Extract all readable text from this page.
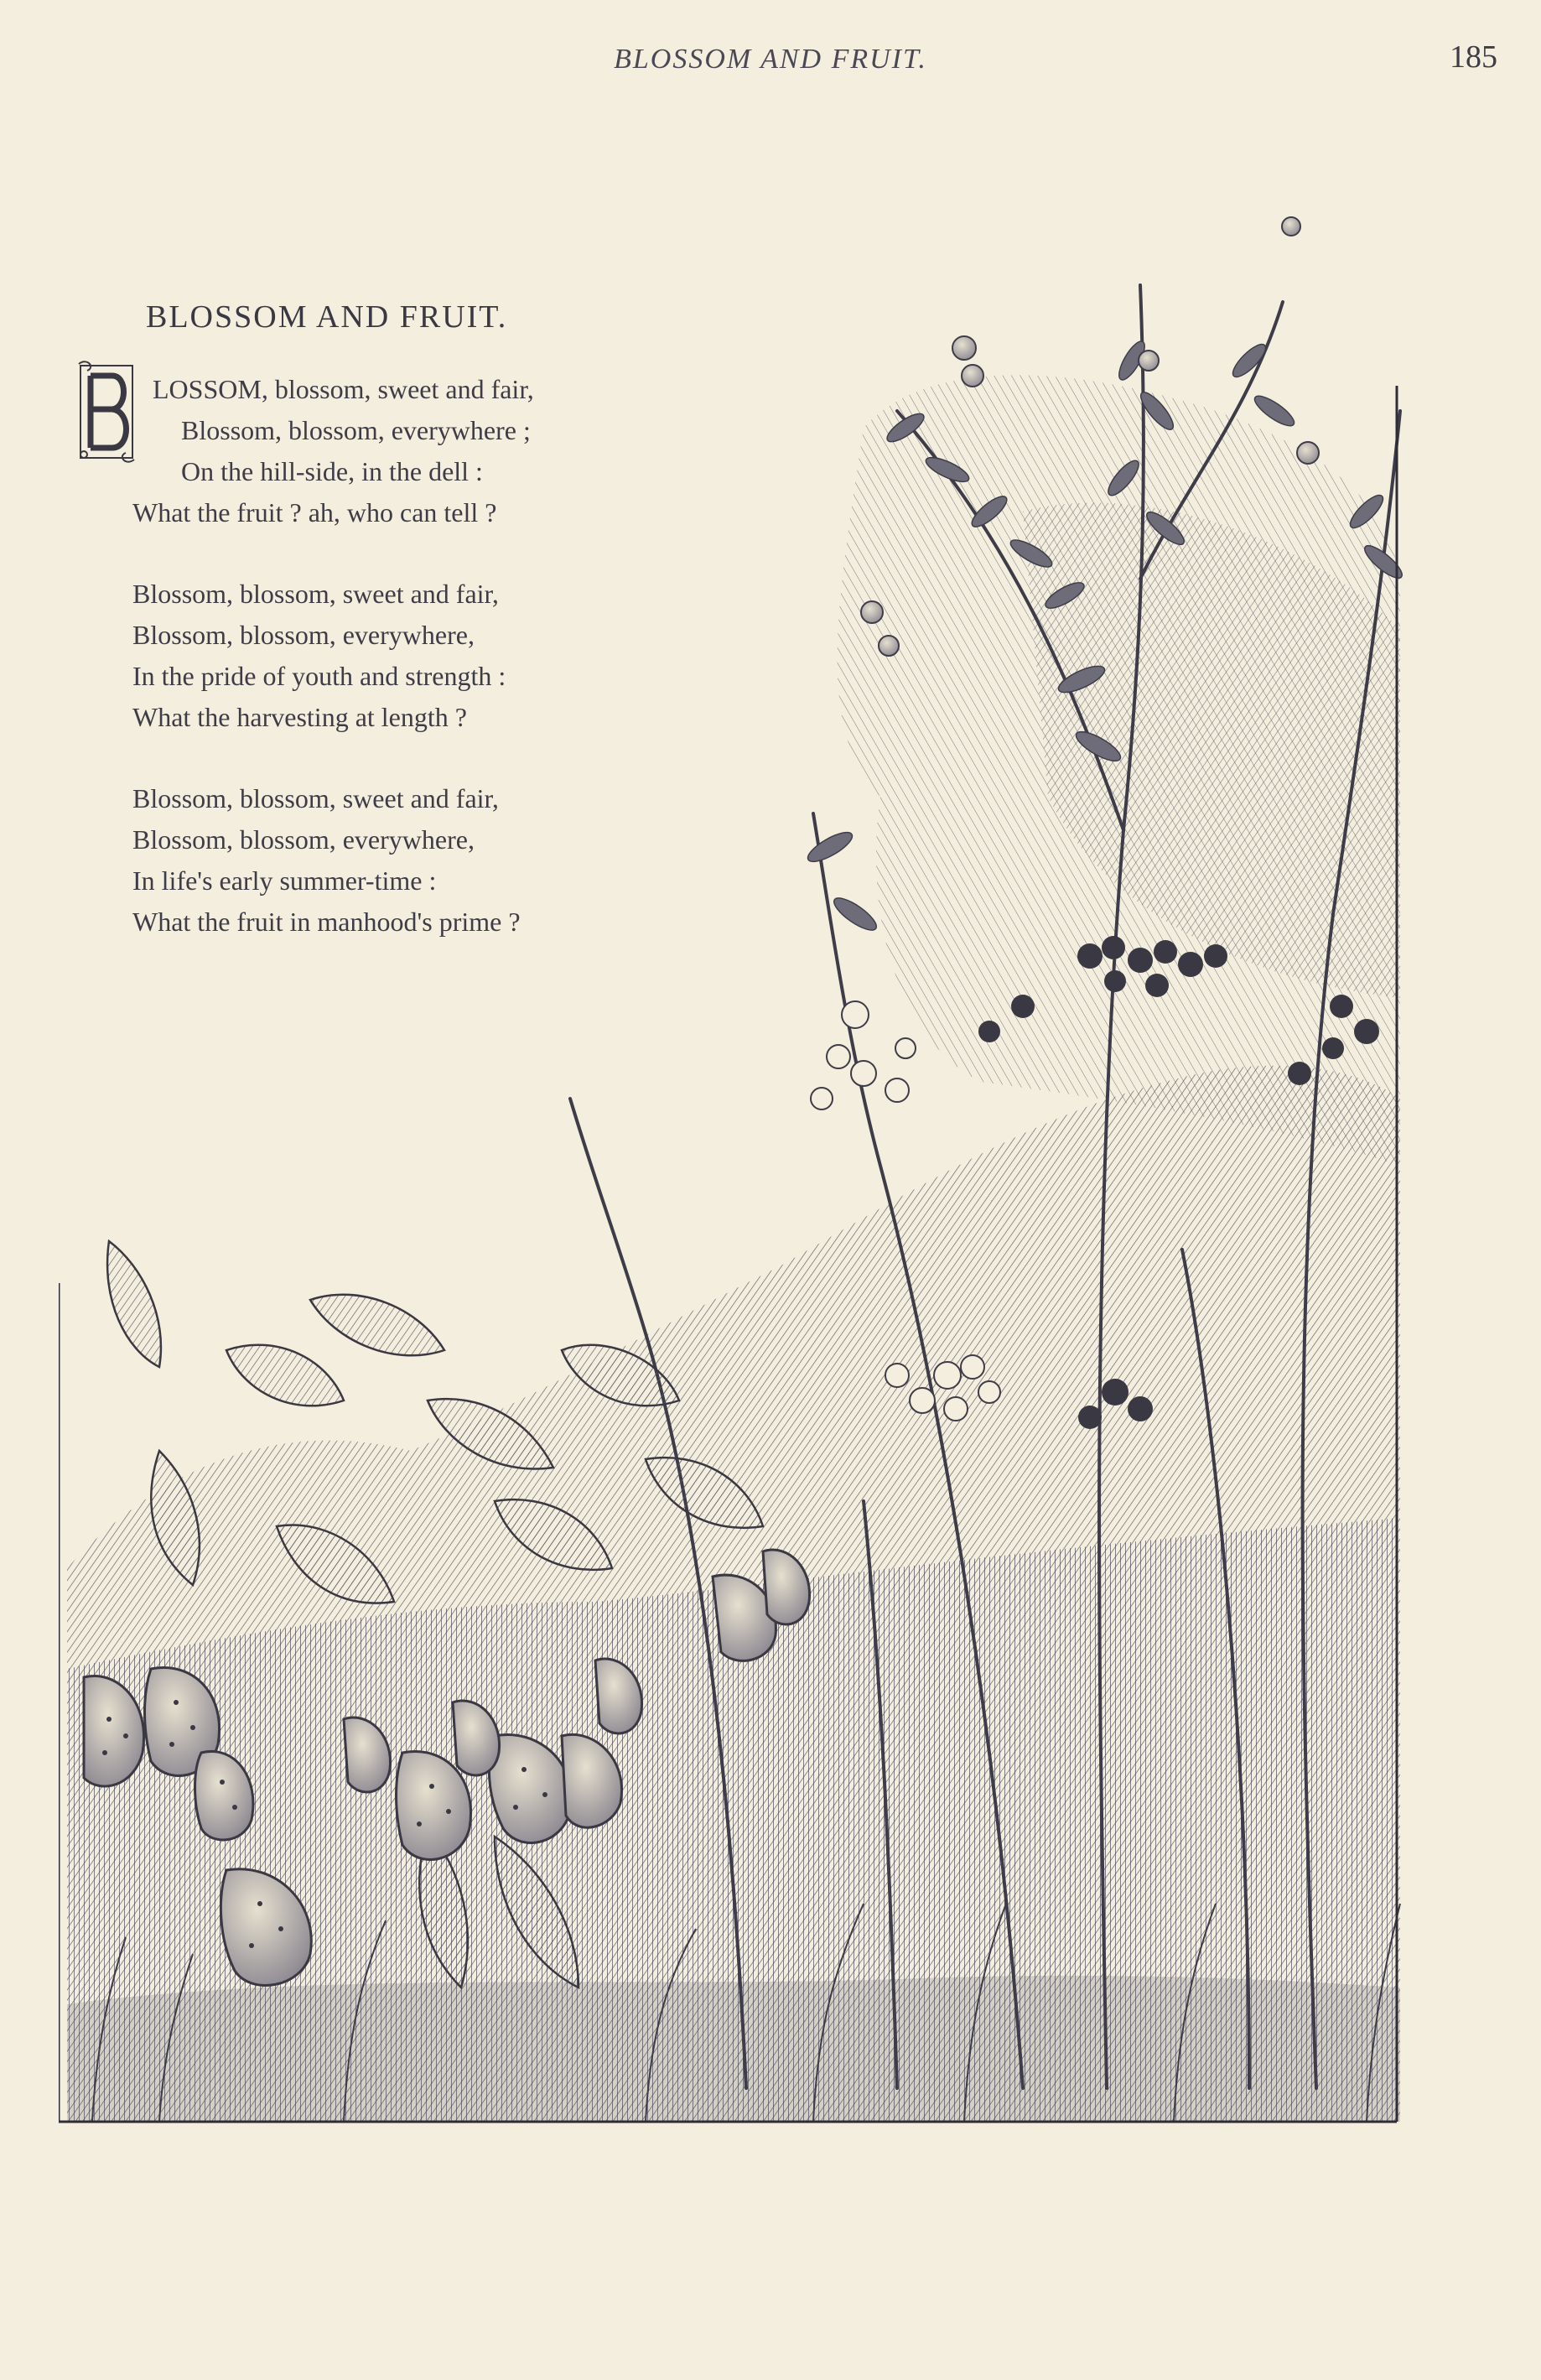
BLOSSOM AND FRUIT.	185
BLOSSOM AND FRUIT.
LOSSOM, blossom, sweet and fair,
Blossom, blossom, everywhere ;
On the hill-side, in the dell :
What the fruit ? ah, who can tell ?
Blossom, blossom, sweet and fair,
Blossom, blossom, everywhere,
In the pride of youth and strength :
What the harvesting at length ?
Blossom, blossom, sweet and fair,
Blossom, blossom, everywhere,
In life's early summer-time :
What the fruit in manhood's prime ?
